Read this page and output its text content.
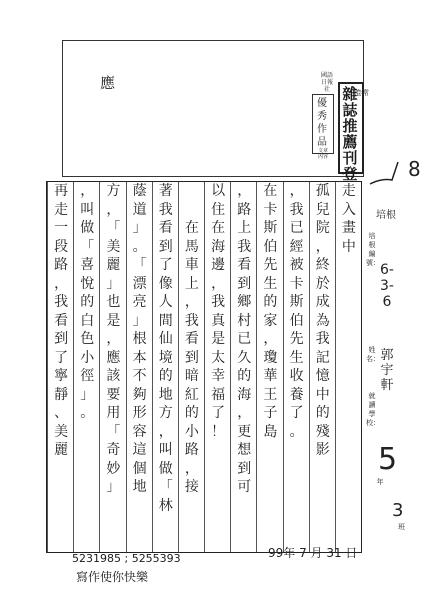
應	國語日報社
優秀作品
文章內容
雜誌推薦刊登
卷常
8
培根
走
入
畫
中
孤
兒
院
，
終
於
成
為
我
記
憶
中
的
殘
影
，
我
已
經
被
卡
斯
伯
先
生
收
養
了
。
在
卡
斯
伯
先
生
的
家
，
瓊
華
王
子
島
，
路
上
我
看
到
鄉
村
已
久
的
海
，
更
想
到
可
以
住
在
海
邊
，
我
真
是
太
幸
福
了
！
在
馬
車
上
，
我
看
到
暗
紅
的
小
路
，
接
著
我
看
到
了
像
人
間
仙
境
的
地
方
，
叫
做
「
林
蔭
道
」
。
「
漂
亮
」
根
本
不
夠
形
容
這
個
地
方
，
「
美
麗
」
也
是
，
應
該
要
用
「
奇
妙
」
，
叫
做
「
喜
悅
的
白
色
小
徑
」
。
再
走
一
段
路
，
我
看
到
了
寧
靜
、
美
麗
培根編號： 6-3-6
姓名： 郭宇軒
就讀學校：
5
年
3
班
99年 7 月 31 日
5231985 ; 5255393
寫作使你快樂
